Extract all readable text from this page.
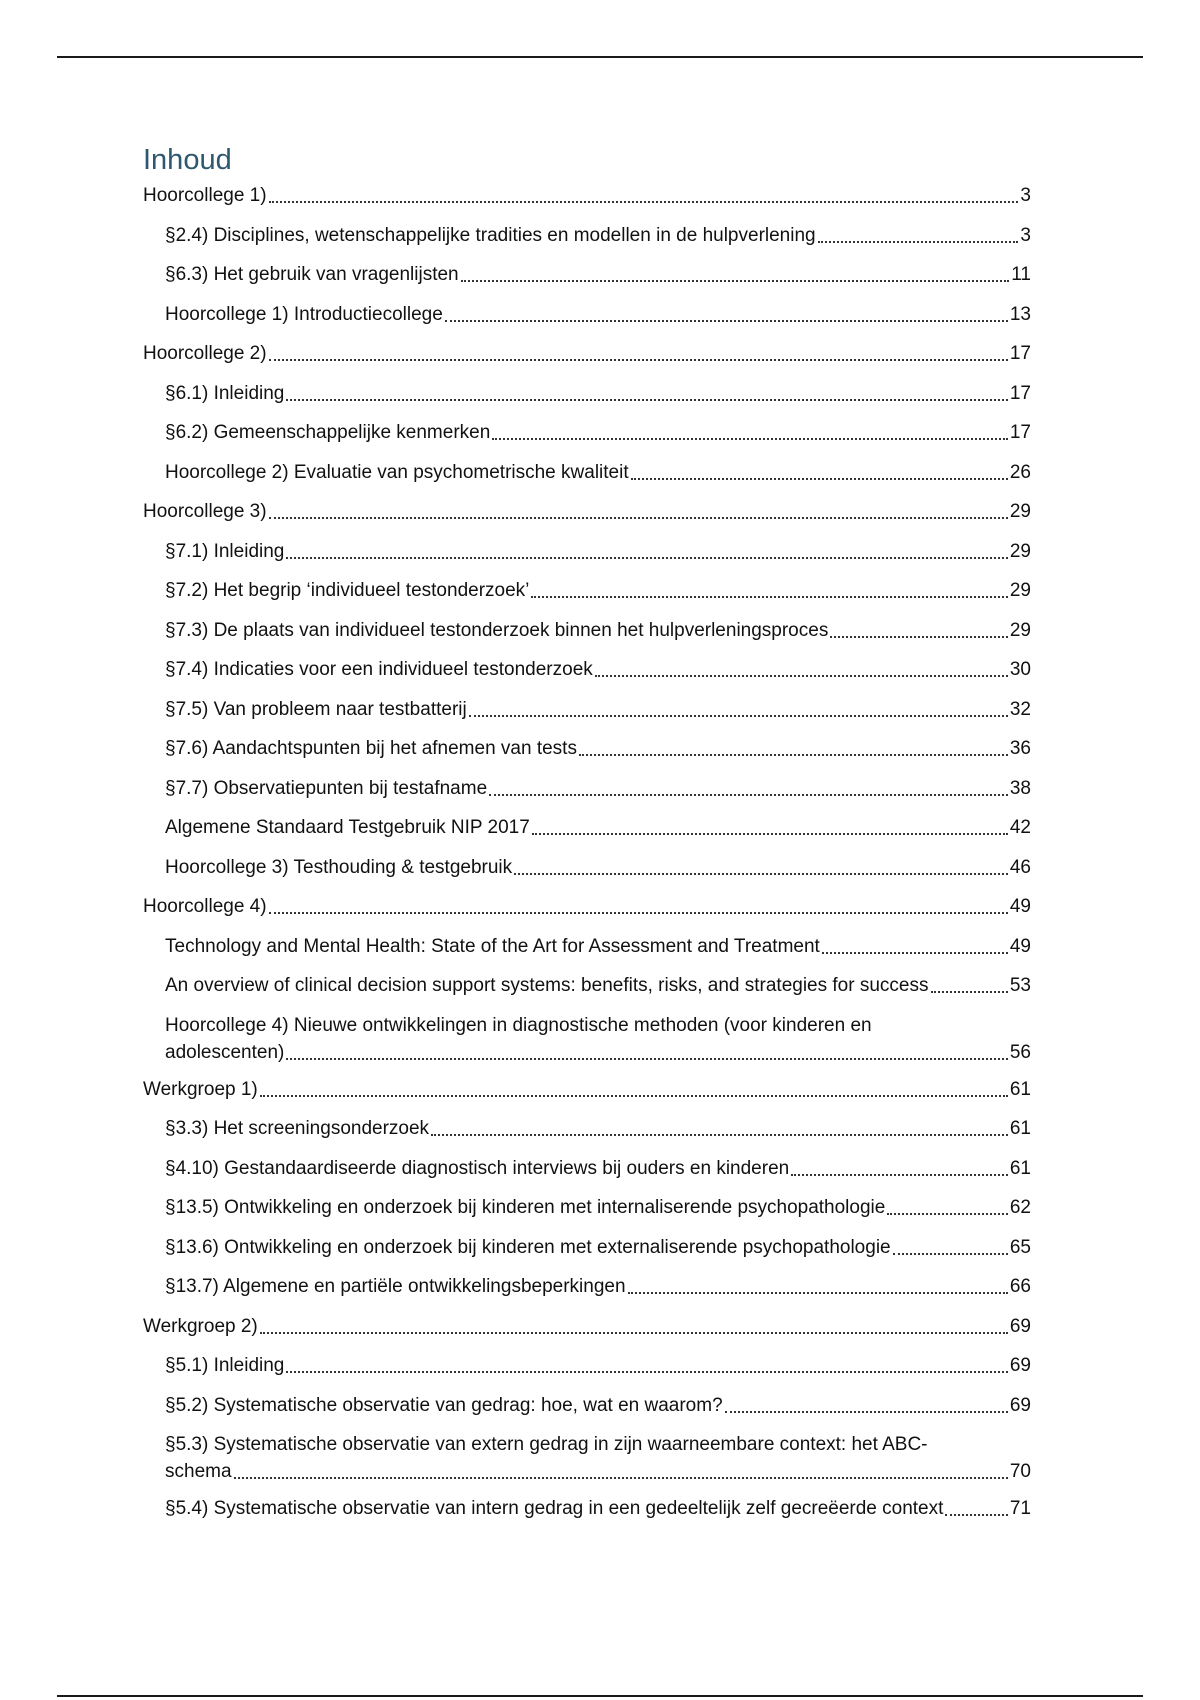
Inhoud
Hoorcollege 1)	3
§2.4) Disciplines, wetenschappelijke tradities en modellen in de hulpverlening	3
§6.3) Het gebruik van vragenlijsten	11
Hoorcollege 1) Introductiecollege	13
Hoorcollege 2)	17
§6.1) Inleiding	17
§6.2) Gemeenschappelijke kenmerken	17
Hoorcollege 2) Evaluatie van psychometrische kwaliteit	26
Hoorcollege 3)	29
§7.1) Inleiding	29
§7.2) Het begrip ‘individueel testonderzoek’	29
§7.3) De plaats van individueel testonderzoek binnen het hulpverleningsproces	29
§7.4) Indicaties voor een individueel testonderzoek	30
§7.5) Van probleem naar testbatterij	32
§7.6) Aandachtspunten bij het afnemen van tests	36
§7.7) Observatiepunten bij testafname	38
Algemene Standaard Testgebruik NIP 2017	42
Hoorcollege 3) Testhouding & testgebruik	46
Hoorcollege 4)	49
Technology and Mental Health: State of the Art for Assessment and Treatment	49
An overview of clinical decision support systems: benefits, risks, and strategies for success	53
Hoorcollege 4) Nieuwe ontwikkelingen in diagnostische methoden (voor kinderen en
adolescenten)	56
Werkgroep 1)	61
§3.3) Het screeningsonderzoek	61
§4.10) Gestandaardiseerde diagnostisch interviews bij ouders en kinderen	61
§13.5) Ontwikkeling en onderzoek bij kinderen met internaliserende psychopathologie	62
§13.6) Ontwikkeling en onderzoek bij kinderen met externaliserende psychopathologie	65
§13.7) Algemene en partiële ontwikkelingsbeperkingen	66
Werkgroep 2)	69
§5.1) Inleiding	69
§5.2) Systematische observatie van gedrag: hoe, wat en waarom?	69
§5.3) Systematische observatie van extern gedrag in zijn waarneembare context: het ABC-
schema	70
§5.4) Systematische observatie van intern gedrag in een gedeeltelijk zelf gecreëerde context	71
